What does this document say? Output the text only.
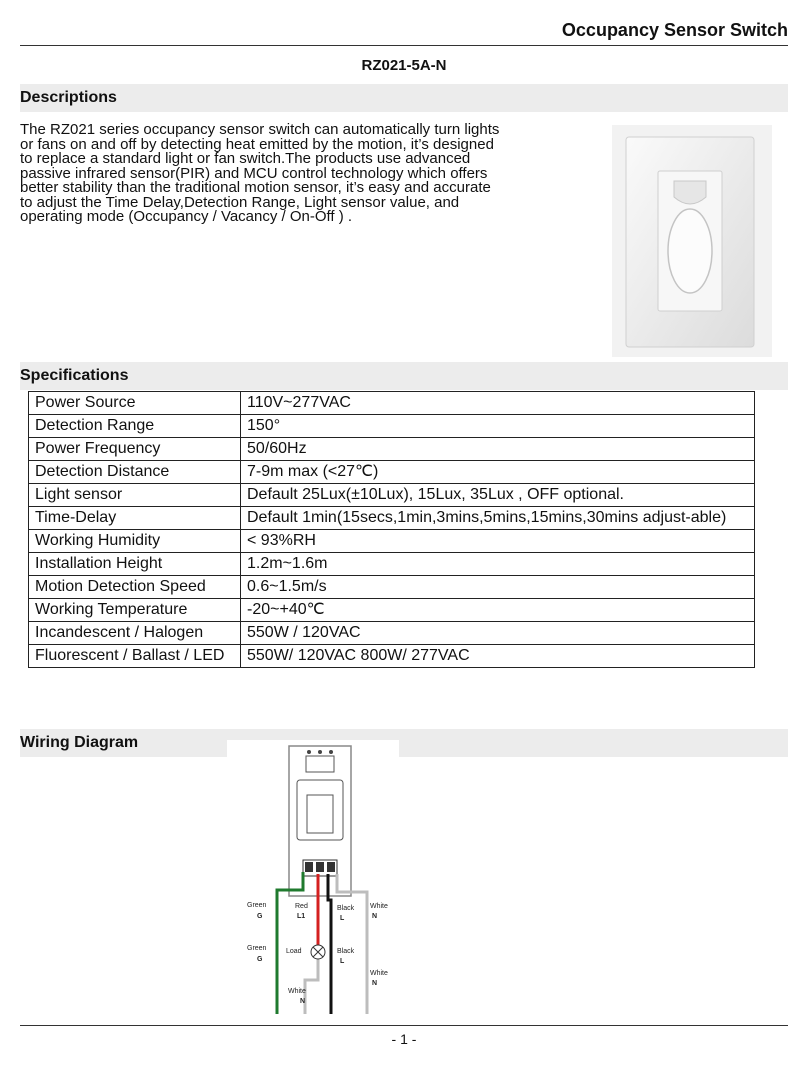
Occupancy Sensor Switch
RZ021-5A-N
Descriptions
The RZ021 series occupancy sensor switch can automatically turn lights
or fans on and off by detecting heat emitted by the motion, it’s designed
to replace a standard light or fan switch.The products use advanced
passive infrared sensor(PIR) and MCU control technology which offers
better stability than the traditional motion sensor, it’s easy and accurate
to adjust the Time Delay,Detection Range, Light sensor value, and
operating mode (Occupancy / Vacancy / On-Off ) .
Specifications
Power Source	110V~277VAC
Detection Range	150°
Power Frequency	50/60Hz
Detection Distance	7-9m max (<27℃)
Light sensor	Default 25Lux(±10Lux), 15Lux, 35Lux , OFF optional.
Time-Delay	Default 1min(15secs,1min,3mins,5mins,15mins,30mins adjust-able)
Working Humidity	< 93%RH
Installation Height	1.2m~1.6m
Motion Detection Speed	0.6~1.5m/s
Working Temperature	-20~+40℃
Incandescent / Halogen	550W / 120VAC
Fluorescent / Ballast / LED	550W/ 120VAC 800W/ 277VAC
Wiring Diagram
Green
G
Red
L1
Black
L
White
N
Green
G
Load	Black
L
White
N
White
N
- 1 -
